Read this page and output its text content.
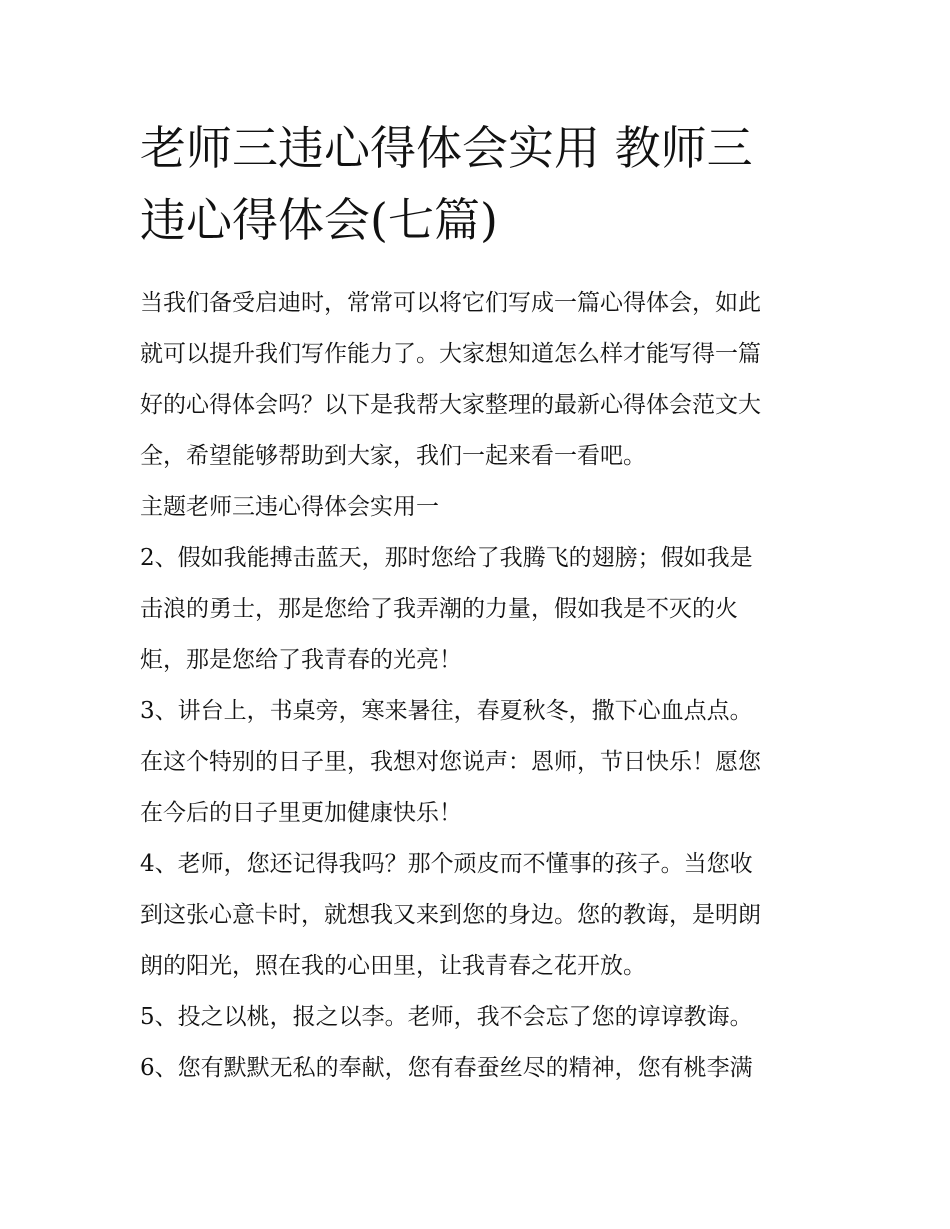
老师三违心得体会实用 教师三
违心得体会(七篇)

当我们备受启迪时，常常可以将它们写成一篇心得体会，如此
就可以提升我们写作能力了。大家想知道怎么样才能写得一篇
好的心得体会吗？以下是我帮大家整理的最新心得体会范文大
全，希望能够帮助到大家，我们一起来看一看吧。

主题老师三违心得体会实用一

2、假如我能搏击蓝天，那时您给了我腾飞的翅膀；假如我是
击浪的勇士，那是您给了我弄潮的力量，假如我是不灭的火
炬，那是您给了我青春的光亮！

3、讲台上，书桌旁，寒来暑往，春夏秋冬，撒下心血点点。
在这个特别的日子里，我想对您说声：恩师，节日快乐！愿您
在今后的日子里更加健康快乐！

4、老师，您还记得我吗？那个顽皮而不懂事的孩子。当您收
到这张心意卡时，就想我又来到您的身边。您的教诲，是明朗
朗的阳光，照在我的心田里，让我青春之花开放。

5、投之以桃，报之以李。老师，我不会忘了您的谆谆教诲。

6、您有默默无私的奉献，您有春蚕丝尽的精神，您有桃李满
